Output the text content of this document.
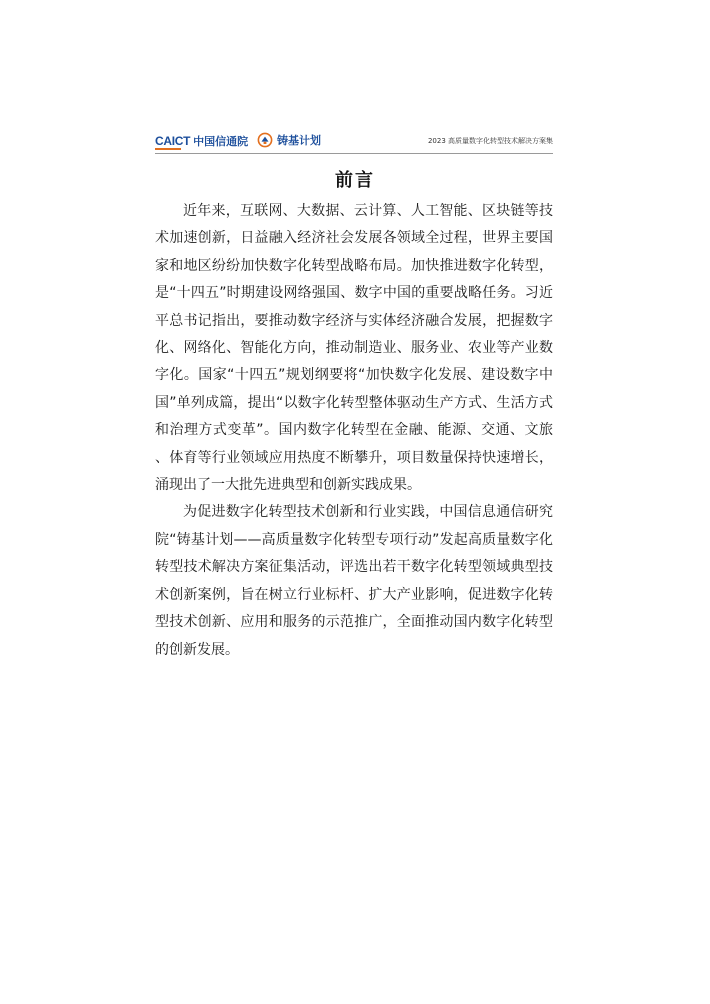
CAICT 中国信通院	铸基计划	2023 高质量数字化转型技术解决方案集
前言

近年来，互联网、大数据、云计算、人工智能、区块链等技术加速创新，日益融入经济社会发展各领域全过程，世界主要国家和地区纷纷加快数字化转型战略布局。加快推进数字化转型，是“十四五”时期建设网络强国、数字中国的重要战略任务。习近平总书记指出，要推动数字经济与实体经济融合发展，把握数字化、网络化、智能化方向，推动制造业、服务业、农业等产业数字化。国家“十四五”规划纲要将“加快数字化发展、建设数字中国”单列成篇，提出“以数字化转型整体驱动生产方式、生活方式和治理方式变革”。国内数字化转型在金融、能源、交通、文旅、体育等行业领域应用热度不断攀升，项目数量保持快速增长，涌现出了一大批先进典型和创新实践成果。

为促进数字化转型技术创新和行业实践，中国信息通信研究院“铸基计划——高质量数字化转型专项行动”发起高质量数字化转型技术解决方案征集活动，评选出若干数字化转型领域典型技术创新案例，旨在树立行业标杆、扩大产业影响，促进数字化转型技术创新、应用和服务的示范推广，全面推动国内数字化转型的创新发展。
